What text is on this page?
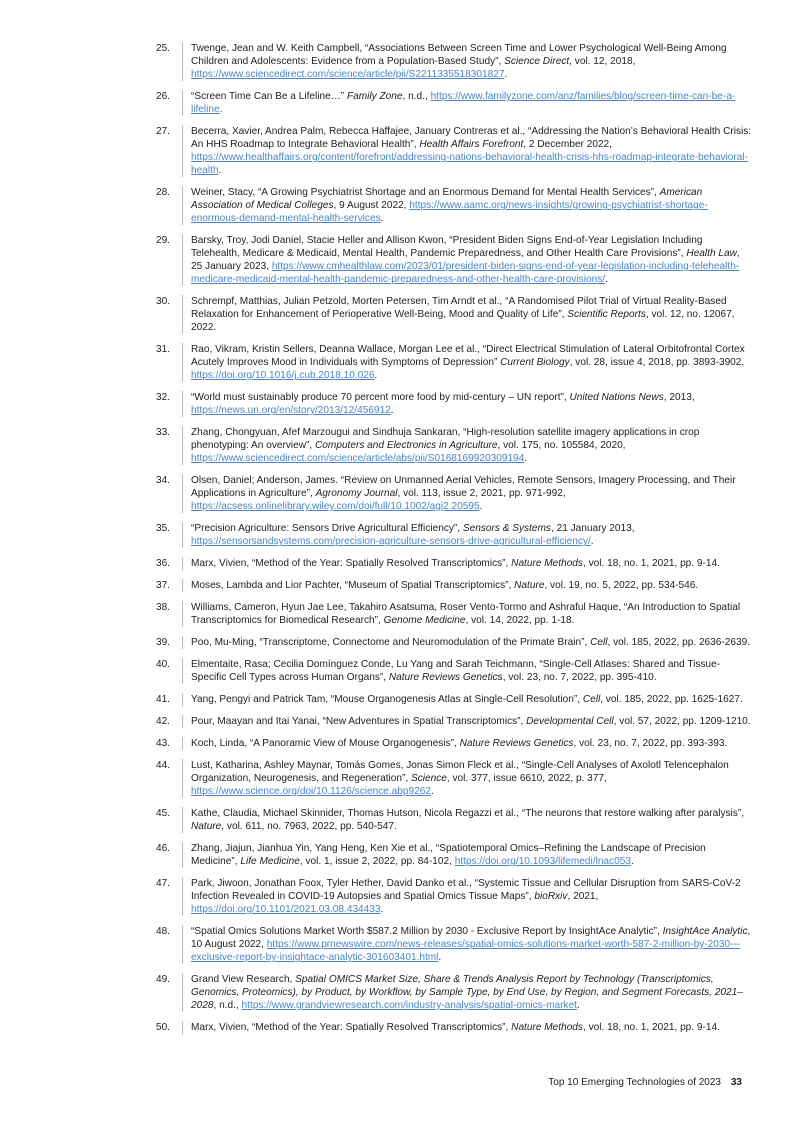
25.	Twenge, Jean and W. Keith Campbell, “Associations Between Screen Time and Lower Psychological Well-Being Among Children and Adolescents: Evidence from a Population-Based Study”, Science Direct, vol. 12, 2018, https://www.sciencedirect.com/science/article/pii/S2211335518301827.
26.	“Screen Time Can Be a Lifeline…” Family Zone, n.d., https://www.familyzone.com/anz/families/blog/screen-time-can-be-a-lifeline.
27.	Becerra, Xavier, Andrea Palm, Rebecca Haffajee, January Contreras et al., “Addressing the Nation’s Behavioral Health Crisis: An HHS Roadmap to Integrate Behavioral Health”, Health Affairs Forefront, 2 December 2022, https://www.healthaffairs.org/content/forefront/addressing-nations-behavioral-health-crisis-hhs-roadmap-integrate-behavioral-health.
28.	Weiner, Stacy, “A Growing Psychiatrist Shortage and an Enormous Demand for Mental Health Services”, American Association of Medical Colleges, 9 August 2022, https://www.aamc.org/news-insights/growing-psychiatrist-shortage-enormous-demand-mental-health-services.
29.	Barsky, Troy, Jodi Daniel, Stacie Heller and Allison Kwon, “President Biden Signs End-of-Year Legislation Including Telehealth, Medicare & Medicaid, Mental Health, Pandemic Preparedness, and Other Health Care Provisions”, Health Law, 25 January 2023, https://www.cmhealthlaw.com/2023/01/president-biden-signs-end-of-year-legislation-including-telehealth-medicare-medicaid-mental-health-pandemic-preparedness-and-other-health-care-provisions/.
30.	Schrempf, Matthias, Julian Petzold, Morten Petersen, Tim Arndt et al., “A Randomised Pilot Trial of Virtual Reality-Based Relaxation for Enhancement of Perioperative Well-Being, Mood and Quality of Life”, Scientific Reports, vol. 12, no. 12067, 2022.
31.	Rao, Vikram, Kristin Sellers, Deanna Wallace, Morgan Lee et al., “Direct Electrical Stimulation of Lateral Orbitofrontal Cortex Acutely Improves Mood in Individuals with Symptoms of Depression” Current Biology, vol. 28, issue 4, 2018, pp. 3893-3902, https://doi.org/10.1016/j.cub.2018.10.026.
32.	“World must sustainably produce 70 percent more food by mid-century – UN report”, United Nations News, 2013, https://news.un.org/en/story/2013/12/456912.
33.	Zhang, Chongyuan, Afef Marzougui and Sindhuja Sankaran, “High-resolution satellite imagery applications in crop phenotyping: An overview”, Computers and Electronics in Agriculture, vol. 175, no. 105584, 2020, https://www.sciencedirect.com/science/article/abs/pii/S0168169920309194.
34.	Olsen, Daniel; Anderson, James. “Review on Unmanned Aerial Vehicles, Remote Sensors, Imagery Processing, and Their Applications in Agriculture”, Agronomy Journal, vol. 113, issue 2, 2021, pp. 971-992, https://acsess.onlinelibrary.wiley.com/doi/full/10.1002/agj2.20595.
35.	“Precision Agriculture: Sensors Drive Agricultural Efficiency”, Sensors & Systems, 21 January 2013, https://sensorsandsystems.com/precision-agriculture-sensors-drive-agricultural-efficiency/.
36.	Marx, Vivien, “Method of the Year: Spatially Resolved Transcriptomics”, Nature Methods, vol. 18, no. 1, 2021, pp. 9-14.
37.	Moses, Lambda and Lior Pachter, “Museum of Spatial Transcriptomics”, Nature, vol. 19, no. 5, 2022, pp. 534-546.
38.	Williams, Cameron, Hyun Jae Lee, Takahiro Asatsuma, Roser Vento-Tormo and Ashraful Haque, “An Introduction to Spatial Transcriptomics for Biomedical Research”, Genome Medicine, vol. 14, 2022, pp. 1-18.
39.	Poo, Mu-Ming, “Transcriptome, Connectome and Neuromodulation of the Primate Brain”, Cell, vol. 185, 2022, pp. 2636-2639.
40.	Elmentaite, Rasa; Cecilia Domínguez Conde, Lu Yang and Sarah Teichmann, “Single-Cell Atlases: Shared and Tissue-Specific Cell Types across Human Organs”, Nature Reviews Genetics, vol. 23, no. 7, 2022, pp. 395-410.
41.	Yang, Pengyi and Patrick Tam, “Mouse Organogenesis Atlas at Single-Cell Resolution”, Cell, vol. 185, 2022, pp. 1625-1627.
42.	Pour, Maayan and Itai Yanai, “New Adventures in Spatial Transcriptomics”, Developmental Cell, vol. 57, 2022, pp. 1209-1210.
43.	Koch, Linda, “A Panoramic View of Mouse Organogenesis”, Nature Reviews Genetics, vol. 23, no. 7, 2022, pp. 393-393.
44.	Lust, Katharina, Ashley Maynar, Tomás Gomes, Jonas Simon Fleck et al., “Single-Cell Analyses of Axolotl Telencephalon Organization, Neurogenesis, and Regeneration”, Science, vol. 377, issue 6610, 2022, p. 377, https://www.science.org/doi/10.1126/science.abp9262.
45.	Kathe, Claudia, Michael Skinnider, Thomas Hutson, Nicola Regazzi et al., “The neurons that restore walking after paralysis”, Nature, vol. 611, no. 7963, 2022, pp. 540-547.
46.	Zhang, Jiajun, Jianhua Yin, Yang Heng, Ken Xie et al., “Spatiotemporal Omics–Refining the Landscape of Precision Medicine”, Life Medicine, vol. 1, issue 2, 2022, pp. 84-102, https://doi.org/10.1093/lifemedi/lnac053.
47.	Park, Jiwoon, Jonathan Foox, Tyler Hether, David Danko et al., “Systemic Tissue and Cellular Disruption from SARS-CoV-2 Infection Revealed in COVID-19 Autopsies and Spatial Omics Tissue Maps”, bioRxiv, 2021, https://doi.org/10.1101/2021.03.08.434433.
48.	“Spatial Omics Solutions Market Worth $587.2 Million by 2030 - Exclusive Report by InsightAce Analytic”, InsightAce Analytic, 10 August 2022, https://www.prnewswire.com/news-releases/spatial-omics-solutions-market-worth-587-2-million-by-2030---exclusive-report-by-insightace-analytic-301603401.html.
49.	Grand View Research, Spatial OMICS Market Size, Share & Trends Analysis Report by Technology (Transcriptomics, Genomics, Proteomics), by Product, by Workflow, by Sample Type, by End Use, by Region, and Segment Forecasts, 2021–2028, n.d., https://www.grandviewresearch.com/industry-analysis/spatial-omics-market.
50.	Marx, Vivien, “Method of the Year: Spatially Resolved Transcriptomics”, Nature Methods, vol. 18, no. 1, 2021, pp. 9-14.
Top 10 Emerging Technologies of 2023 33
